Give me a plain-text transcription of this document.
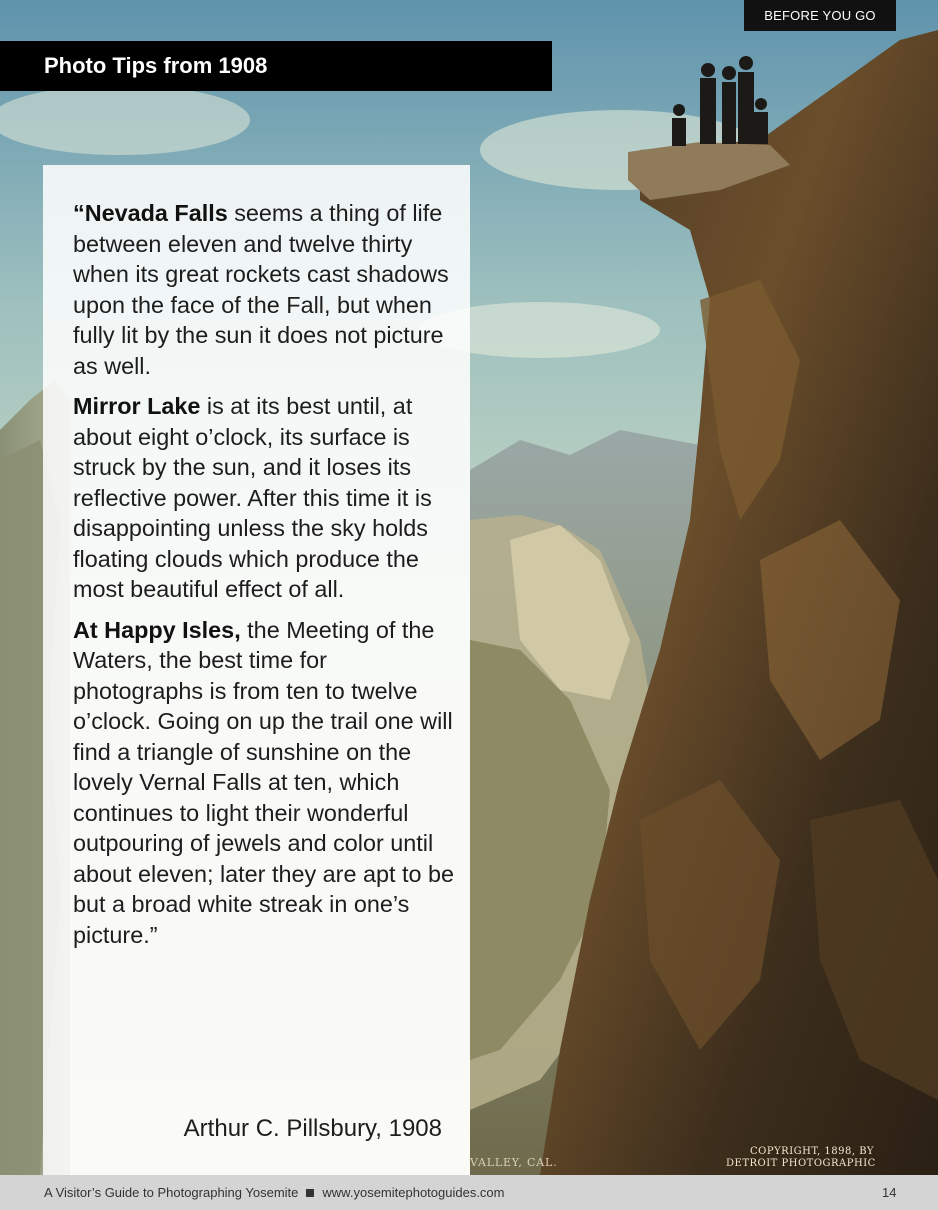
BEFORE YOU GO
Photo Tips from 1908
VALLEY, CAL.
COPYRIGHT, 1898, BY
DETROIT PHOTOGRAPHIC

“Nevada Falls seems a thing of life between eleven and twelve thirty when its great rockets cast shadows upon the face of the Fall, but when fully lit by the sun it does not picture as well.

Mirror Lake is at its best until, at about eight o’clock, its surface is struck by the sun, and it loses its reflective power. After this time it is disappointing unless the sky holds floating clouds which produce the most beautiful effect of all.

At Happy Isles, the Meeting of the Waters, the best time for photographs is from ten to twelve o’clock. Going on up the trail one will find a triangle of sunshine on the lovely Vernal Falls at ten, which continues to light their wonderful outpouring of jewels and color until about eleven; later they are apt to be but a broad white streak in one’s picture.”

Arthur C. Pillsbury, 1908
A Visitor’s Guide to Photographing Yosemite www.yosemitephotoguides.com	14
